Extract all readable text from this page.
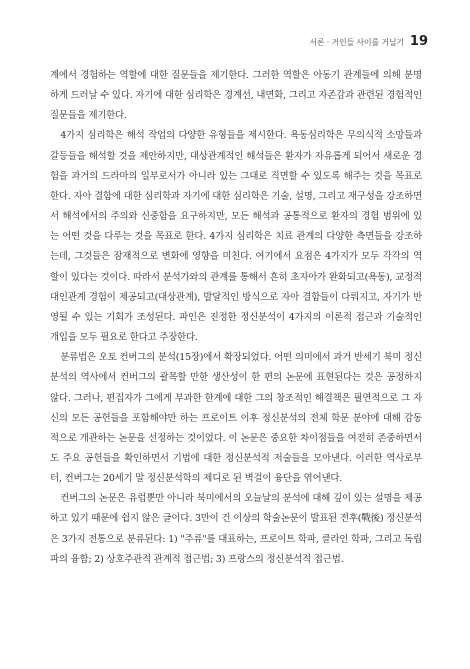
서론 · 거인들 사이를 거닐기 19

계에서 경험하는 역할에 대한 질문들을 제기한다. 그러한 역할은 아동기 관계들에 의해 분명하게 드러날 수 있다. 자기에 대한 심리학은 경계선, 내면화, 그리고 자존감과 관련된 경험적인 질문들을 제기한다.

4가지 심리학은 해석 작업의 다양한 유형들을 제시한다. 욕동심리학은 무의식적 소망들과 갈등들을 해석할 것을 제안하지만, 대상관계적인 해석들은 환자가 자유롭게 되어서 새로운 경험을 과거의 드라마의 일부로서가 아니라 있는 그대로 직면할 수 있도록 해주는 것을 목표로 한다. 자아 결함에 대한 심리학과 자기에 대한 심리학은 기술, 설명, 그리고 재구성을 강조하면서 해석에서의 주의와 신중함을 요구하지만, 모든 해석과 공통적으로 환자의 경험 범위에 있는 어떤 것을 다루는 것을 목표로 한다. 4가지 심리학은 치료 관계의 다양한 측면들을 강조하는데, 그것들은 잠재적으로 변화에 영향을 미친다. 여기에서 요점은 4가지가 모두 각각의 역할이 있다는 것이다. 따라서 분석가와의 관계를 통해서 흔히 초자아가 완화되고(욕동), 교정적 대인관계 경험이 제공되고(대상관계), 발달적인 방식으로 자아 결함들이 다뤄지고, 자기가 반영될 수 있는 기회가 조성된다. 파인은 진정한 정신분석이 4가지의 이론적 접근과 기술적인 개입을 모두 필요로 한다고 주장한다.

분류법은 오토 컨버그의 분석(15장)에서 확장되었다. 어떤 의미에서 과거 반세기 북미 정신분석의 역사에서 컨버그의 괄목할 만한 생산성이 한 편의 논문에 표현된다는 것은 공정하지 않다. 그러나, 편집자가 그에게 부과한 한계에 대한 그의 창조적인 해결책은 필연적으로 그 자신의 모든 공헌들을 포함해야만 하는 프로이트 이후 정신분석의 전체 학문 분야에 대해 감동적으로 개관하는 논문을 선정하는 것이었다. 이 논문은 중요한 차이점들을 여전히 존중하면서도 주요 공헌들을 확인하면서 기법에 대한 정신분석적 저술들을 모아낸다. 이러한 역사로부터, 컨버그는 20세기 말 정신분석학의 제디로 된 벽걸이 융단을 엮어낸다.

컨버그의 논문은 유럽뿐만 아니라 북미에서의 오늘날의 분석에 대해 깊이 있는 설명을 제공하고 있기 때문에 쉽지 않은 글이다. 3만이 건 이상의 학술논문이 발표된 전후(戰後) 정신분석은 3가지 전통으로 분류된다: 1) "주류"를 대표하는, 프로이트 학파, 클라인 학파, 그리고 독립파의 융합; 2) 상호주관적 관계적 접근법; 3) 프랑스의 정신분석적 접근법.
